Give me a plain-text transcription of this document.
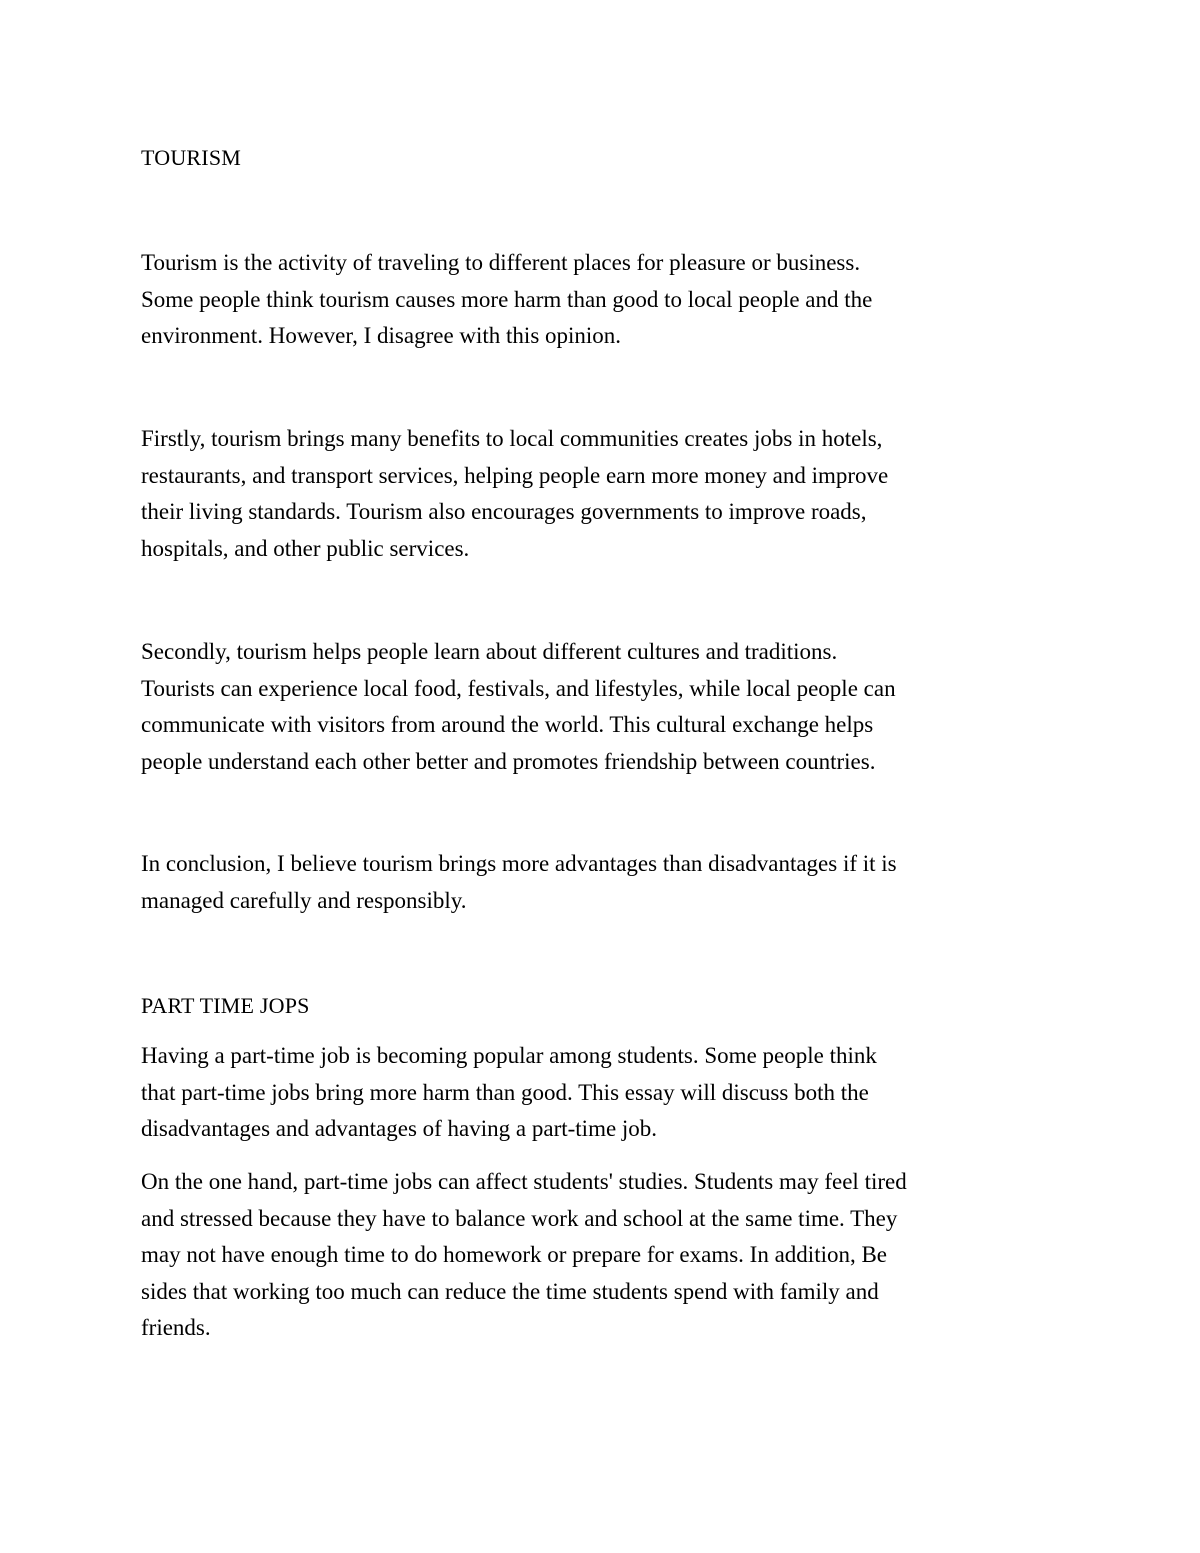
TOURISM
Tourism is the activity of traveling to different places for pleasure or business.
Some people think tourism causes more harm than good to local people and the
environment. However, I disagree with this opinion.
Firstly, tourism brings many benefits to local communities creates jobs in hotels,
restaurants, and transport services, helping people earn more money and improve
their living standards. Tourism also encourages governments to improve roads,
hospitals, and other public services.
Secondly, tourism helps people learn about different cultures and traditions.
Tourists can experience local food, festivals, and lifestyles, while local people can
communicate with visitors from around the world. This cultural exchange helps
people understand each other better and promotes friendship between countries.
In conclusion, I believe tourism brings more advantages than disadvantages if it is
managed carefully and responsibly.
PART TIME JOPS
Having a part-time job is becoming popular among students. Some people think
that part-time jobs bring more harm than good. This essay will discuss both the
disadvantages and advantages of having a part-time job.
On the one hand, part-time jobs can affect students' studies. Students may feel tired
and stressed because they have to balance work and school at the same time. They
may not have enough time to do homework or prepare for exams. In addition, Be
sides that working too much can reduce the time students spend with family and
friends.
